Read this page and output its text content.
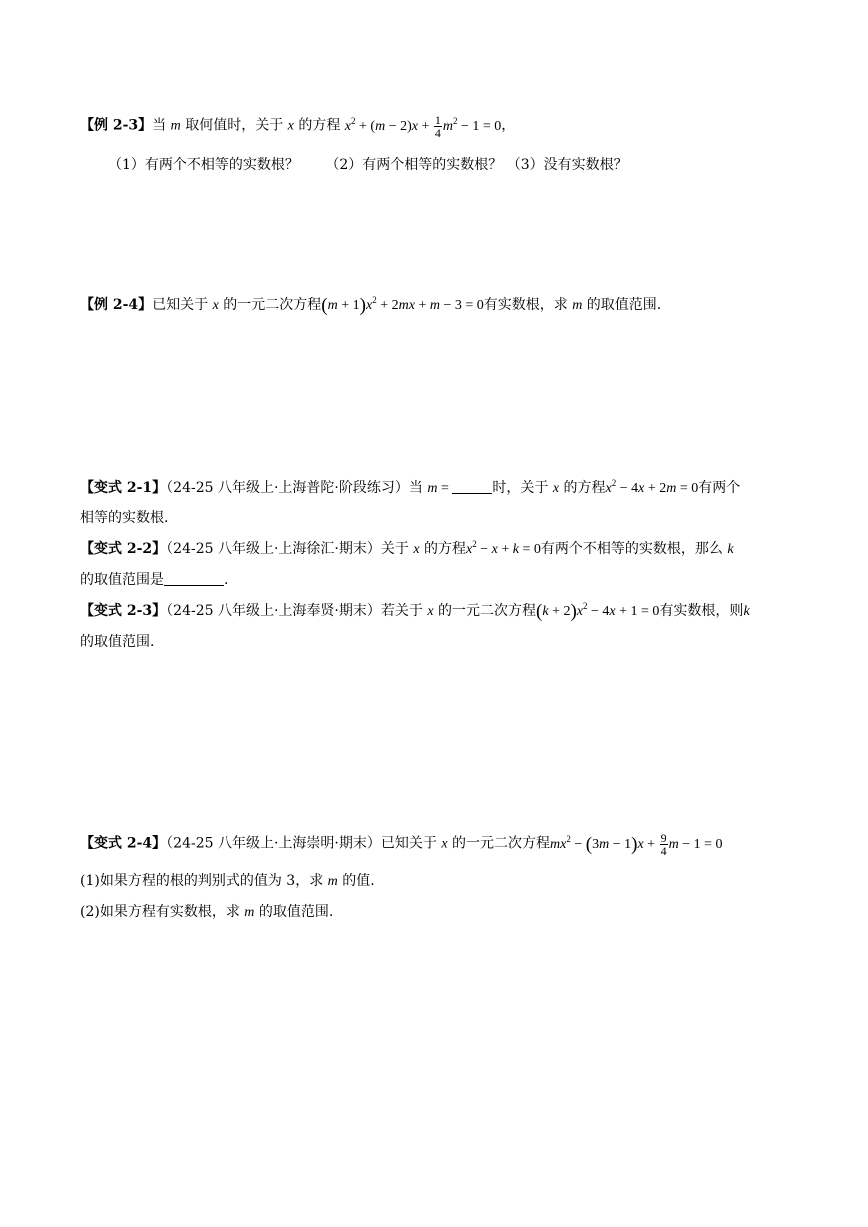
【例 2-3】当 m 取何值时，关于 x 的方程 $x^2 + (m - 2)x + \frac{1}{4} m^2 - 1 = 0$，
（1）有两个不相等的实数根？ （2）有两个相等的实数根？ （3）没有实数根？
【例 2-4】已知关于 x 的一元二次方程$(m + 1)x^2 + 2mx + m - 3 = 0$有实数根，求 m 的取值范围.
【变式 2-1】（24-25 八年级上·上海普陀·阶段练习）当 m =	时，关于 x 的方程$x^2 - 4x + 2m = 0$有两个
相等的实数根.
【变式 2-2】（24-25 八年级上·上海徐汇·期末）关于 x 的方程$x^2 - x + k = 0$有两个不相等的实数根，那么 k
的取值范围是	.
【变式 2-3】（24-25 八年级上·上海奉贤·期末）若关于 x 的一元二次方程$(k + 2)x^2 - 4x + 1 = 0$有实数根，则k
的取值范围.
【变式 2-4】（24-25 八年级上·上海崇明·期末）已知关于 x 的一元二次方程$mx^2 - (3m - 1)x + \frac{9}{4}$ m − 1 = 0
(1)如果方程的根的判别式的值为 3，求 m 的值.
(2)如果方程有实数根，求 m 的取值范围.
